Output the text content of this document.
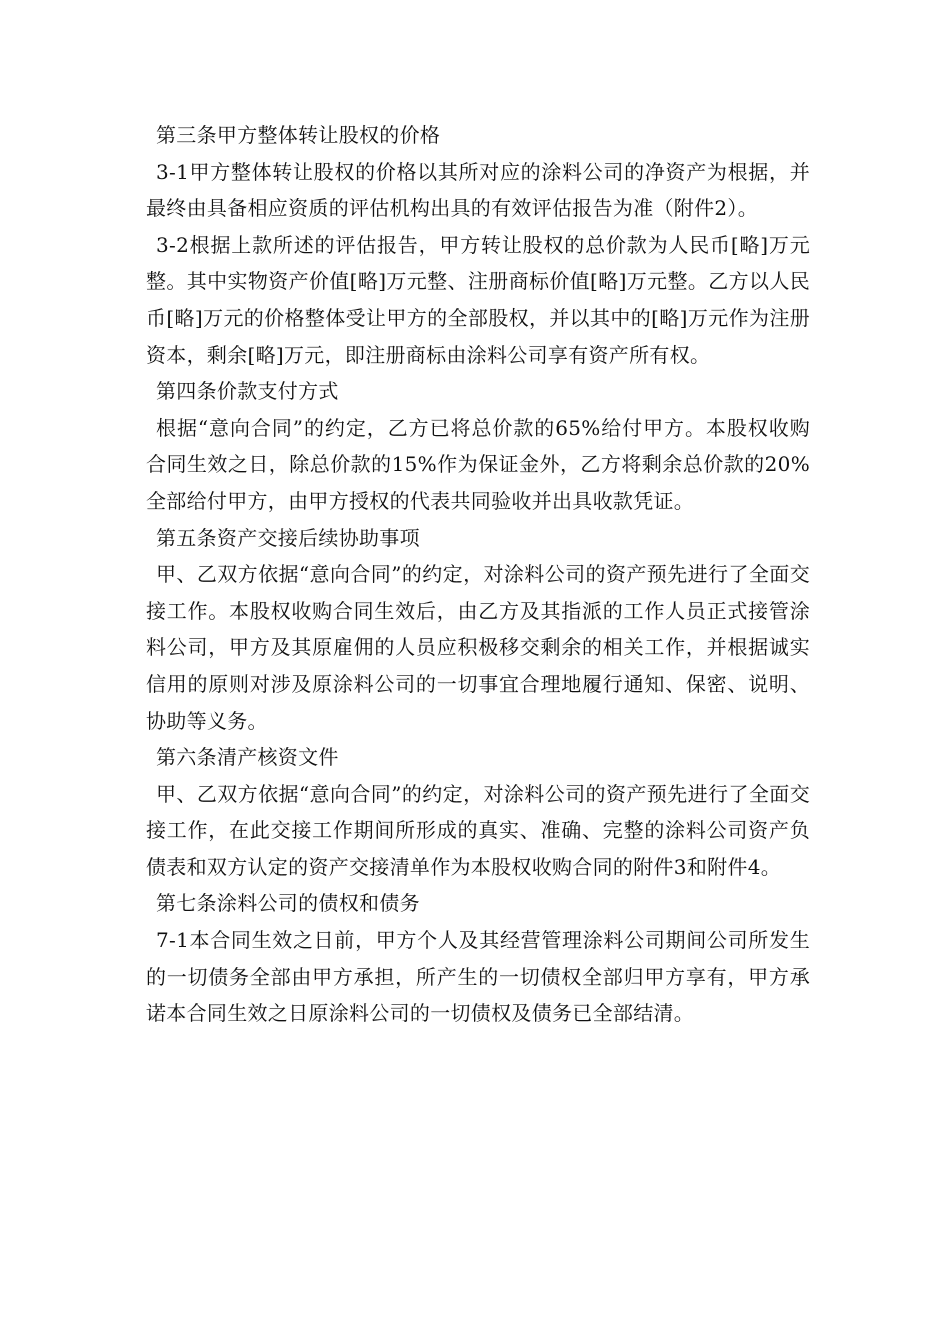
第三条甲方整体转让股权的价格

3-1甲方整体转让股权的价格以其所对应的涂料公司的净资产为根据，并最终由具备相应资质的评估机构出具的有效评估报告为准（附件2）。

3-2根据上款所述的评估报告，甲方转让股权的总价款为人民币[略]万元整。其中实物资产价值[略]万元整、注册商标价值[略]万元整。乙方以人民币[略]万元的价格整体受让甲方的全部股权，并以其中的[略]万元作为注册资本，剩余[略]万元，即注册商标由涂料公司享有资产所有权。

第四条价款支付方式

根据“意向合同”的约定，乙方已将总价款的65%给付甲方。本股权收购合同生效之日，除总价款的15%作为保证金外，乙方将剩余总价款的20%全部给付甲方，由甲方授权的代表共同验收并出具收款凭证。

第五条资产交接后续协助事项

甲、乙双方依据“意向合同”的约定，对涂料公司的资产预先进行了全面交接工作。本股权收购合同生效后，由乙方及其指派的工作人员正式接管涂料公司，甲方及其原雇佣的人员应积极移交剩余的相关工作，并根据诚实信用的原则对涉及原涂料公司的一切事宜合理地履行通知、保密、说明、协助等义务。

第六条清产核资文件

甲、乙双方依据“意向合同”的约定，对涂料公司的资产预先进行了全面交接工作，在此交接工作期间所形成的真实、准确、完整的涂料公司资产负债表和双方认定的资产交接清单作为本股权收购合同的附件3和附件4。

第七条涂料公司的债权和债务

7-1本合同生效之日前，甲方个人及其经营管理涂料公司期间公司所发生的一切债务全部由甲方承担，所产生的一切债权全部归甲方享有，甲方承诺本合同生效之日原涂料公司的一切债权及债务已全部结清。
